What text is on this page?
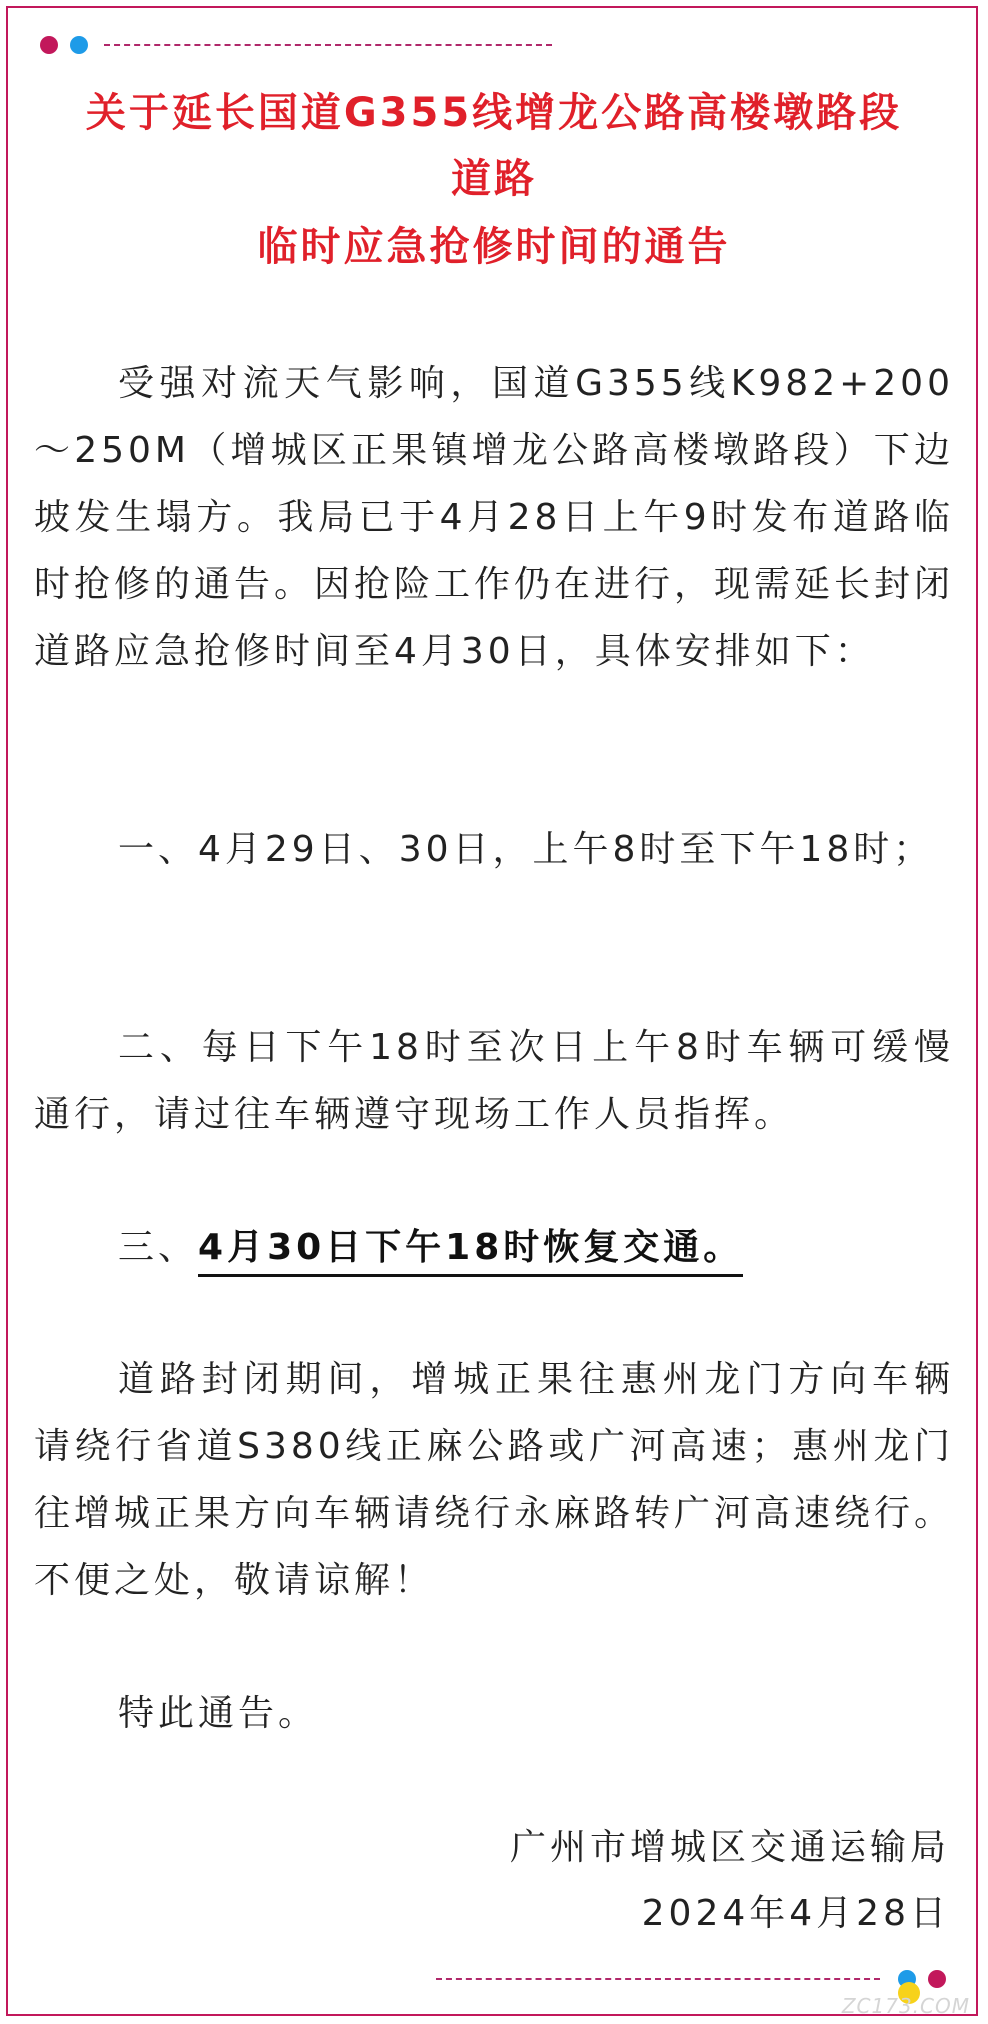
关于延长国道G355线增龙公路高楼墩路段
道路
临时应急抢修时间的通告

受强对流天气影响，国道G355线K982+200～250M（增城区正果镇增龙公路高楼墩路段）下边坡发生塌方。我局已于4月28日上午9时发布道路临时抢修的通告。因抢险工作仍在进行，现需延长封闭道路应急抢修时间至4月30日，具体安排如下：

一、4月29日、30日，上午8时至下午18时；

二、每日下午18时至次日上午8时车辆可缓慢通行，请过往车辆遵守现场工作人员指挥。

三、4月30日下午18时恢复交通。

道路封闭期间，增城正果往惠州龙门方向车辆请绕行省道S380线正麻公路或广河高速；惠州龙门往增城正果方向车辆请绕行永麻路转广河高速绕行。不便之处，敬请谅解！

特此通告。

广州市增城区交通运输局
2024年4月28日
ZC173.COM
